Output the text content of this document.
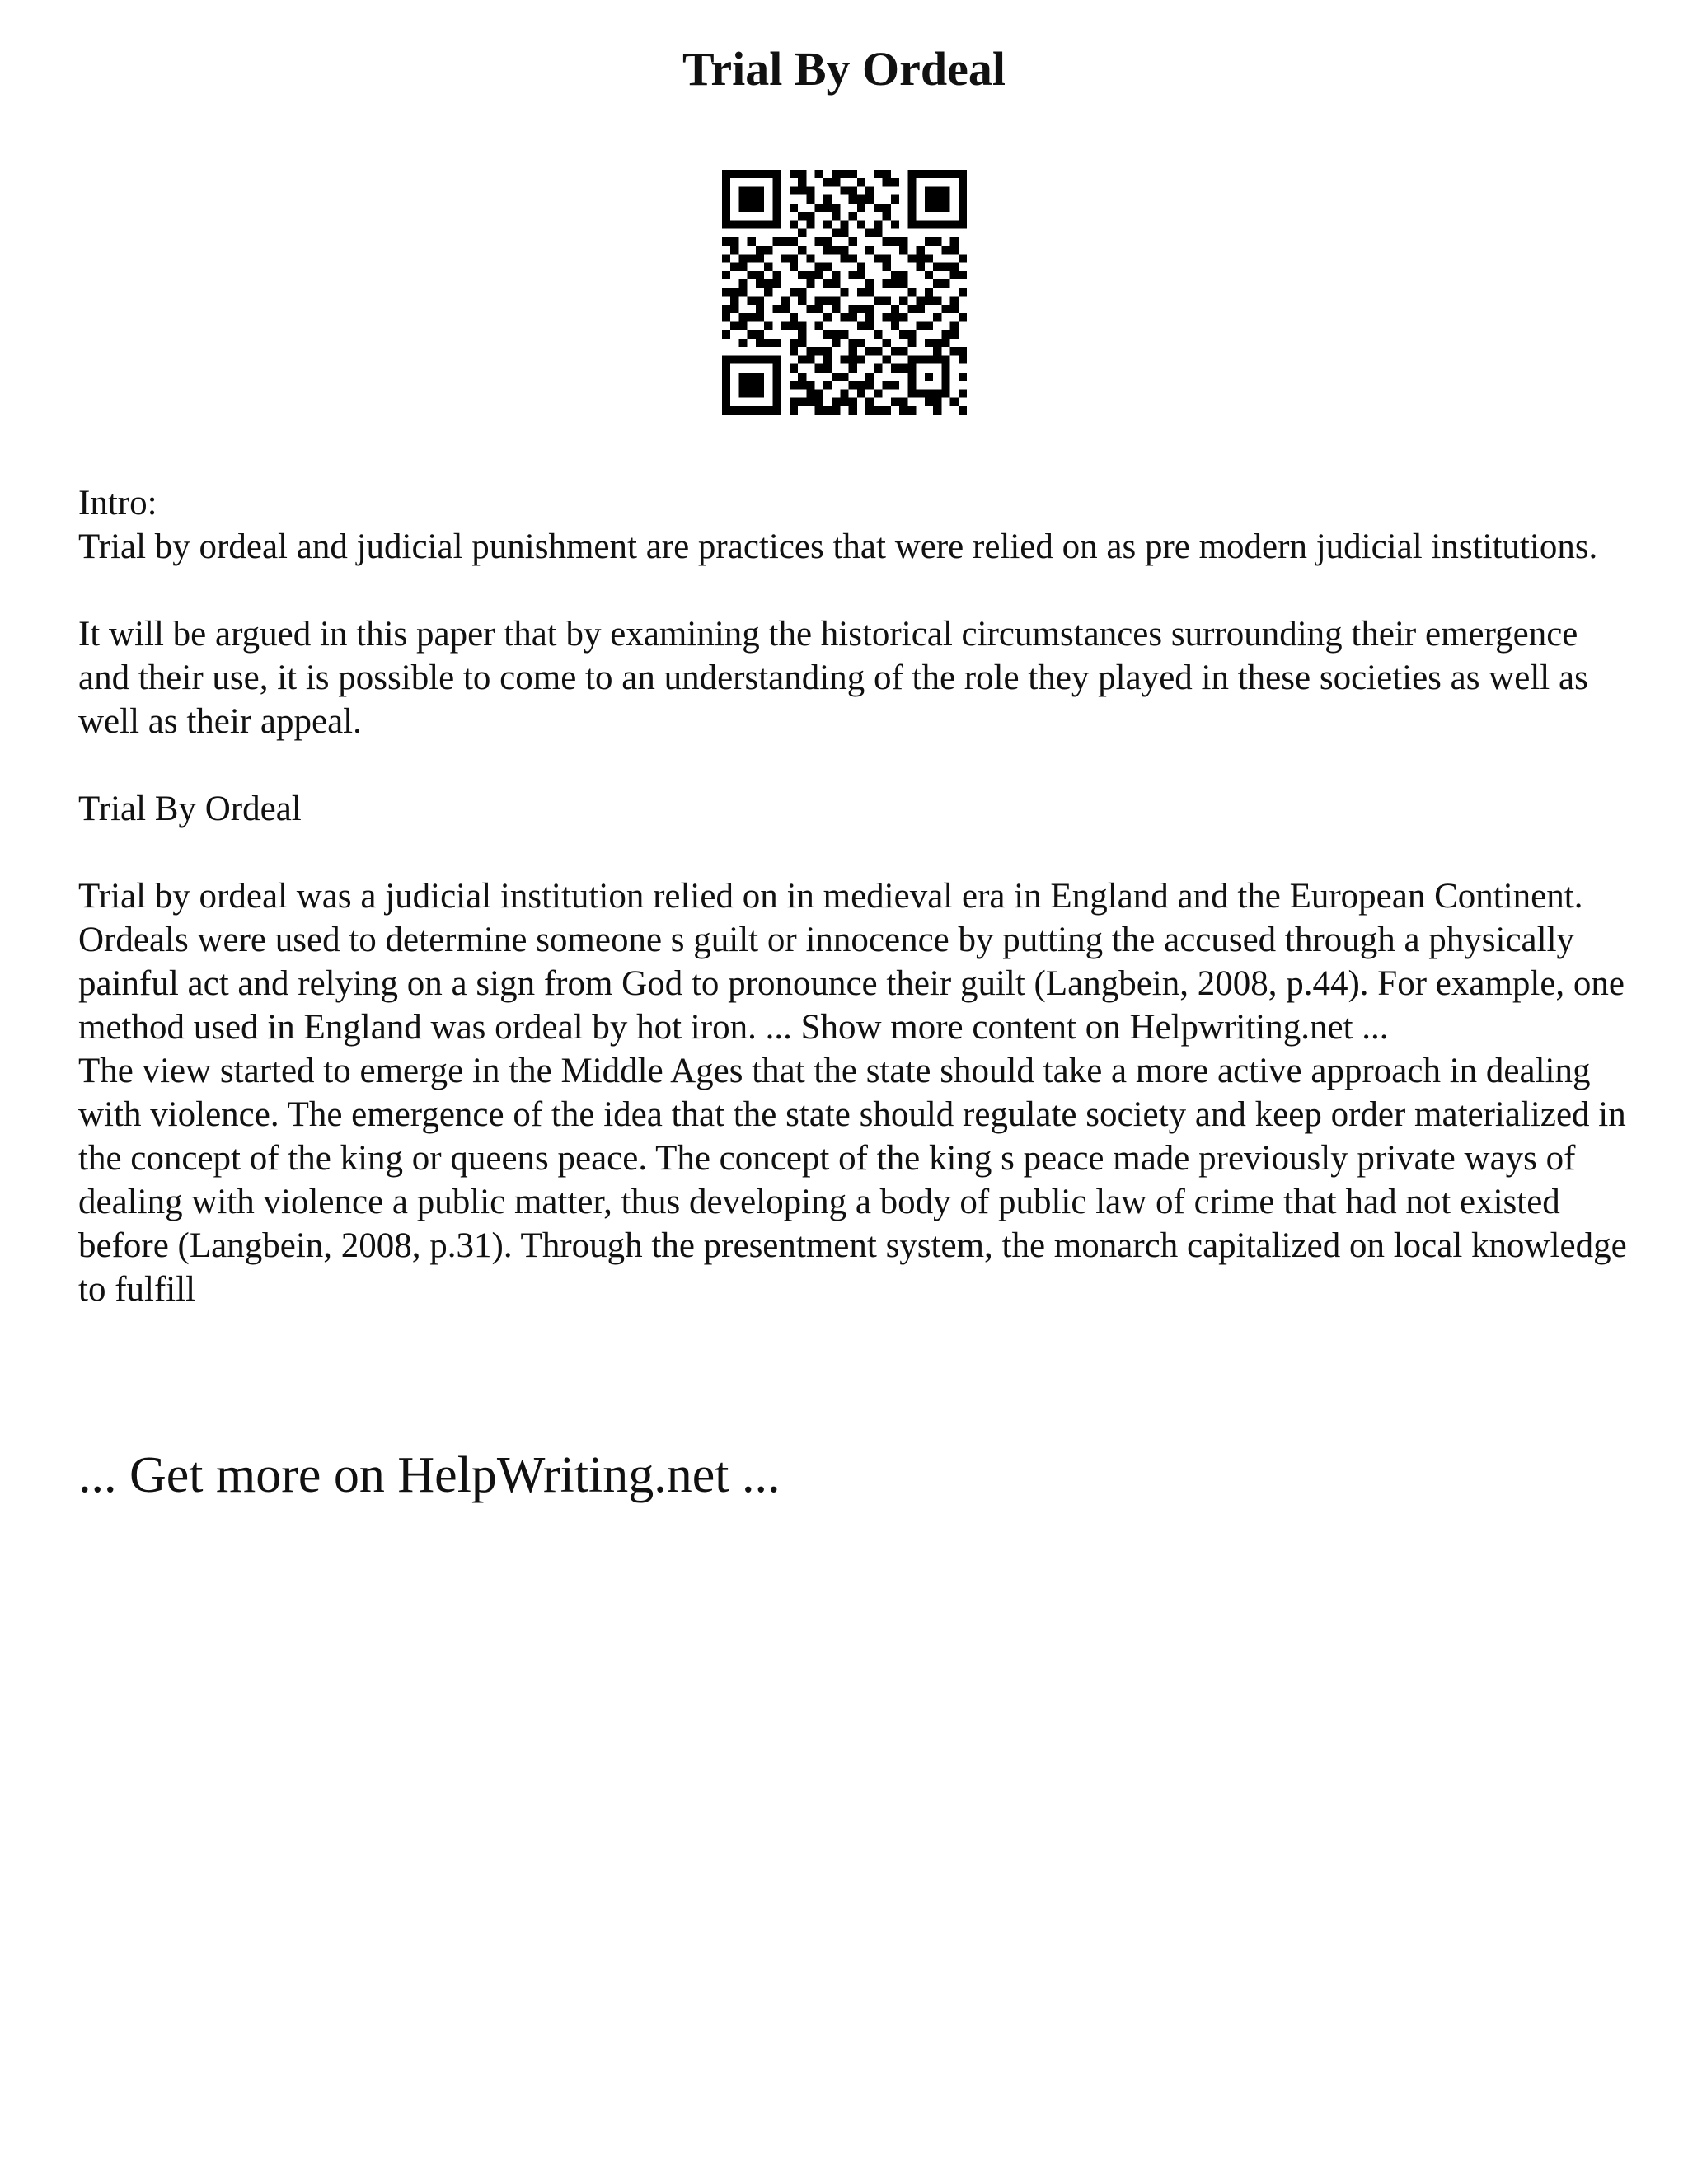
Trial By Ordeal

Intro:

Trial by ordeal and judicial punishment are practices that were relied on as pre modern judicial institutions.

It will be argued in this paper that by examining the historical circumstances surrounding their emergence and their use, it is possible to come to an understanding of the role they played in these societies as well as well as their appeal.

Trial By Ordeal

Trial by ordeal was a judicial institution relied on in medieval era in England and the European Continent. Ordeals were used to determine someone s guilt or innocence by putting the accused through a physically painful act and relying on a sign from God to pronounce their guilt (Langbein, 2008, p.44). For example, one method used in England was ordeal by hot iron. ... Show more content on Helpwriting.net ...

The view started to emerge in the Middle Ages that the state should take a more active approach in dealing with violence. The emergence of the idea that the state should regulate society and keep order materialized in the concept of the king or queens peace. The concept of the king s peace made previously private ways of dealing with violence a public matter, thus developing a body of public law of crime that had not existed before (Langbein, 2008, p.31). Through the presentment system, the monarch capitalized on local knowledge to fulfill

... Get more on HelpWriting.net ...
